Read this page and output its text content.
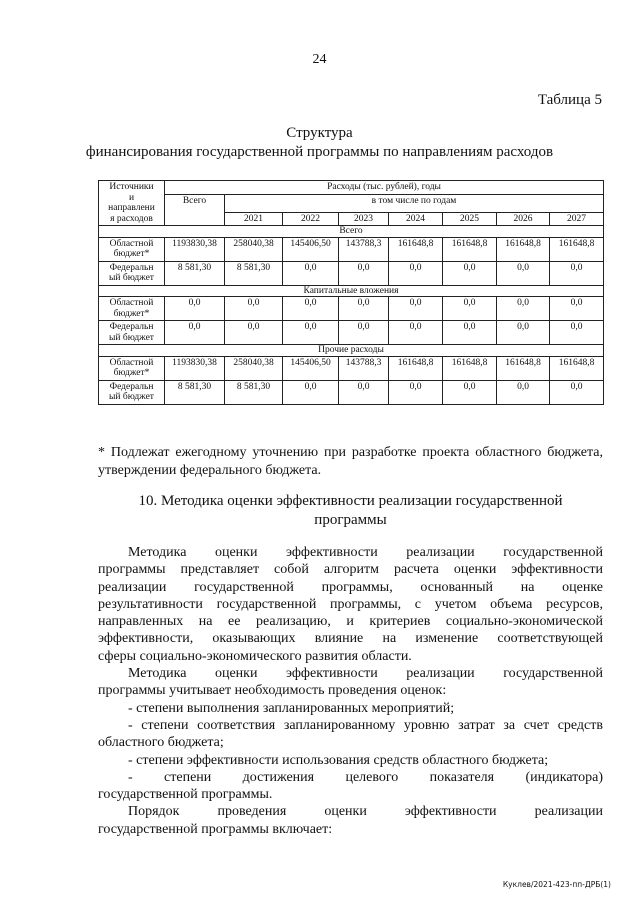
24
Таблица 5
Структура
финансирования государственной программы по направлениям расходов
Источники
и
направлени
я расходов	Расходы (тыс. рублей), годы							
	Всего	в том числе по годам						
		2021	2022	2023	2024	2025	2026	2027
Всего								

Областной
бюджет*	1193830,38	258040,38	145406,50	143788,3	161648,8	161648,8	161648,8	161648,8

Федеральн
ый бюджет	8 581,30	8 581,30	0,0	0,0	0,0	0,0	0,0	0,0
Капитальные вложения								

Областной
бюджет*	0,0	0,0	0,0	0,0	0,0	0,0	0,0	0,0

Федеральн
ый бюджет	0,0	0,0	0,0	0,0	0,0	0,0	0,0	0,0
Прочие расходы								

Областной
бюджет*	1193830,38	258040,38	145406,50	143788,3	161648,8	161648,8	161648,8	161648,8

Федеральн
ый бюджет	8 581,30	8 581,30	0,0	0,0	0,0	0,0	0,0	0,0
* Подлежат ежегодному уточнению при разработке проекта областного бюджета, утверждении федерального бюджета.
10. Методика оценки эффективности реализации государственной
программы

Методика оценки эффективности реализации государственной

программы представляет собой алгоритм расчета оценки эффективности

реализации государственной программы, основанный на оценке

результативности государственной программы, с учетом объема ресурсов,

направленных на ее реализацию, и критериев социально-экономической

эффективности, оказывающих влияние на изменение соответствующей

сферы социально-экономического развития области.

Методика оценки эффективности реализации государственной

программы учитывает необходимость проведения оценок:

- степени выполнения запланированных мероприятий;

- степени соответствия запланированному уровню затрат за счет средств

областного бюджета;

- степени эффективности использования средств областного бюджета;

- степени достижения целевого показателя (индикатора)

государственной программы.

Порядок проведения оценки эффективности реализации

государственной программы включает:

Куклев/2021-423-пп-ДРБ(1)
